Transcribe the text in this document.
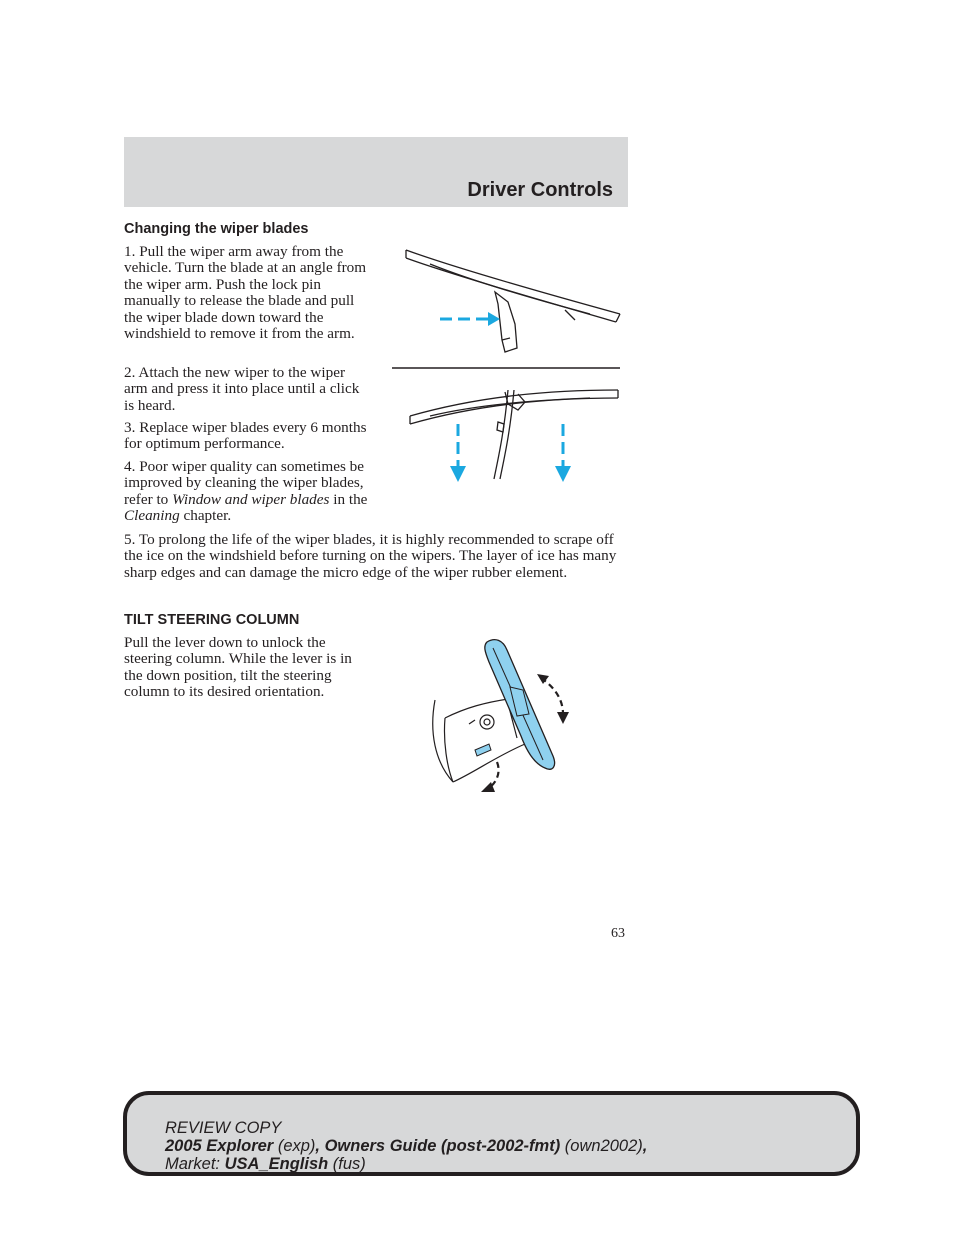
Driver Controls
Changing the wiper blades

1. Pull the wiper arm away from the vehicle. Turn the blade at an angle from the wiper arm. Push the lock pin manually to release the blade and pull the wiper blade down toward the windshield to remove it from the arm.

2. Attach the new wiper to the wiper arm and press it into place until a click is heard.

3. Replace wiper blades every 6 months for optimum performance.

4. Poor wiper quality can sometimes be improved by cleaning the wiper blades, refer to Window and wiper blades in the Cleaning chapter.

5. To prolong the life of the wiper blades, it is highly recommended to scrape off the ice on the windshield before turning on the wipers. The layer of ice has many sharp edges and can damage the micro edge of the wiper rubber element.

TILT STEERING COLUMN

Pull the lever down to unlock the steering column. While the lever is in the down position, tilt the steering column to its desired orientation.

63
REVIEW COPY
2005 Explorer (exp), Owners Guide (post-2002-fmt) (own2002),
Market: USA_English (fus)
